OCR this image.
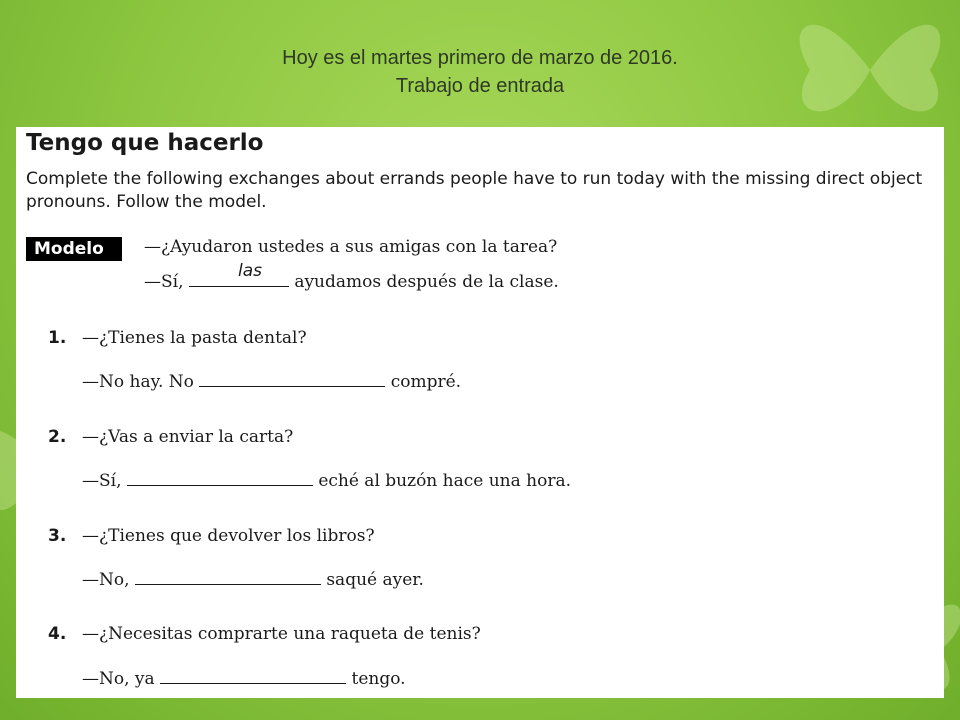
Hoy es el martes primero de marzo de 2016.
Trabajo de entrada
Tengo que hacerlo
Complete the following exchanges about errands people have to run today with the missing direct object pronouns. Follow the model.
Modelo	—¿Ayudaron ustedes a sus amigas con la tarea?
—Sí,	ayudamos después de la clase.
las
1. —¿Tienes la pasta dental?
—No hay. No	compré.
2. —¿Vas a enviar la carta?
—Sí,	eché al buzón hace una hora.
3. —¿Tienes que devolver los libros?
—No,	saqué ayer.
4. —¿Necesitas comprarte una raqueta de tenis?
—No, ya	tengo.
